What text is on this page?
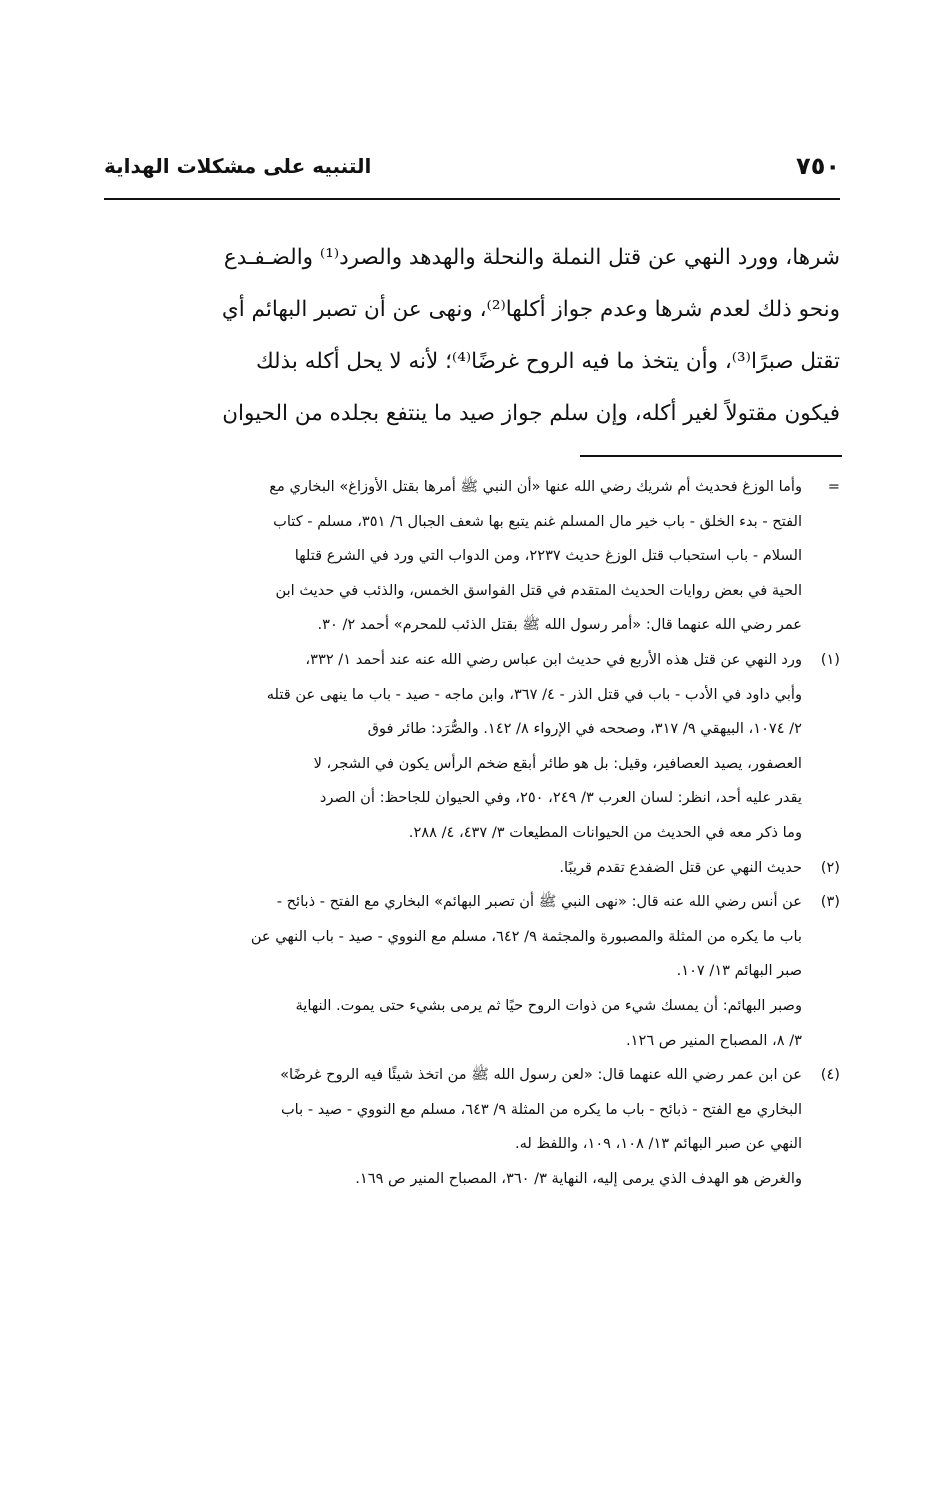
٧٥٠
التنبيه على مشكلات الهداية
شرها، وورد النهي عن قتل النملة والنحلة والهدهد والصرد⁽¹⁾ والضـفـدع
ونحو ذلك لعدم شرها وعدم جواز أكلها⁽²⁾، ونهى عن أن تصبر البهائم أي
تقتل صبرًا⁽³⁾، وأن يتخذ ما فيه الروح غرضًا⁽⁴⁾؛ لأنه لا يحل أكله بذلك
فيكون مقتولاً لغير أكله، وإن سلم جواز صيد ما ينتفع بجلده من الحيوان
=
وأما الوزغ فحديث أم شريك رضي الله عنها «أن النبي ﷺ أمرها بقتل الأوزاغ» البخاري مع
الفتح - بدء الخلق - باب خير مال المسلم غنم يتبع بها شعف الجبال ٦/ ٣٥١، مسلم - كتاب
السلام - باب استحباب قتل الوزغ حديث ٢٢٣٧، ومن الدواب التي ورد في الشرع قتلها
الحية في بعض روايات الحديث المتقدم في قتل الفواسق الخمس، والذئب في حديث ابن
عمر رضي الله عنهما قال: «أمر رسول الله ﷺ بقتل الذئب للمحرم» أحمد ٢/ ٣٠.
(١)
ورد النهي عن قتل هذه الأربع في حديث ابن عباس رضي الله عنه عند أحمد ١/ ٣٣٢،
وأبي داود في الأدب - باب في قتل الذر - ٤/ ٣٦٧، وابن ماجه - صيد - باب ما ينهى عن قتله
٢/ ١٠٧٤، البيهقي ٩/ ٣١٧، وصححه في الإرواء ٨/ ١٤٢. والصُّرَد: طائر فوق
العصفور، يصيد العصافير، وقيل: بل هو طائر أبقع ضخم الرأس يكون في الشجر، لا
يقدر عليه أحد، انظر: لسان العرب ٣/ ٢٤٩، ٢٥٠، وفي الحيوان للجاحظ: أن الصرد
وما ذكر معه في الحديث من الحيوانات المطيعات ٣/ ٤٣٧، ٤/ ٢٨٨.
(٢)
حديث النهي عن قتل الضفدع تقدم قريبًا.
(٣)
عن أنس رضي الله عنه قال: «نهى النبي ﷺ أن تصبر البهائم» البخاري مع الفتح - ذبائح -
باب ما يكره من المثلة والمصبورة والمجثمة ٩/ ٦٤٢، مسلم مع النووي - صيد - باب النهي عن
صبر البهائم ١٣/ ١٠٧.
وصبر البهائم: أن يمسك شيء من ذوات الروح حيًا ثم يرمى بشيء حتى يموت. النهاية
٣/ ٨، المصباح المنير ص ١٢٦.
(٤)
عن ابن عمر رضي الله عنهما قال: «لعن رسول الله ﷺ من اتخذ شيئًا فيه الروح غرضًا»
البخاري مع الفتح - ذبائح - باب ما يكره من المثلة ٩/ ٦٤٣، مسلم مع النووي - صيد - باب
النهي عن صبر البهائم ١٣/ ١٠٨، ١٠٩، واللفظ له.
والغرض هو الهدف الذي يرمى إليه، النهاية ٣/ ٣٦٠، المصباح المنير ص ١٦٩.
